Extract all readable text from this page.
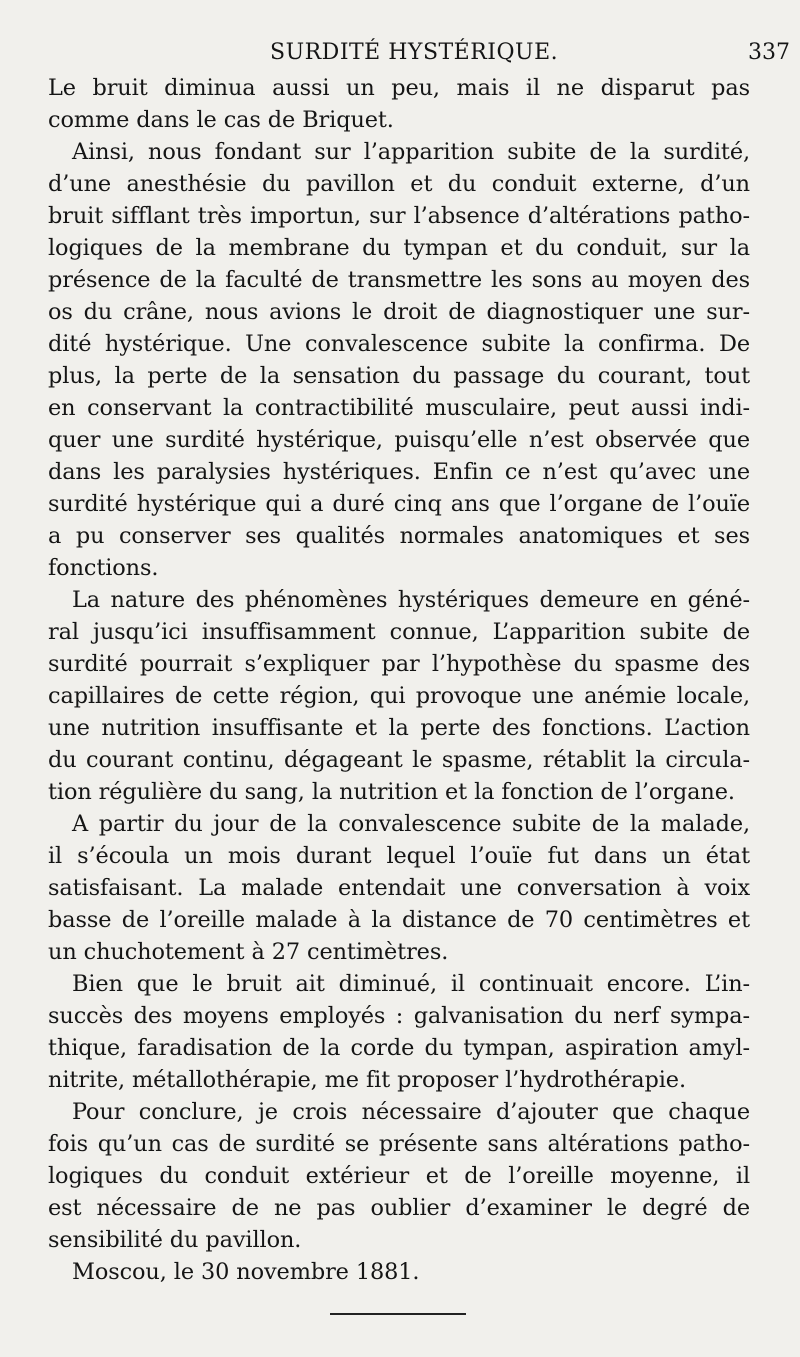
SURDITÉ HYSTÉRIQUE.	337
Le bruit diminua aussi un peu, mais il ne disparut pas
comme dans le cas de Briquet.
Ainsi, nous fondant sur l’apparition subite de la surdité,
d’une anesthésie du pavillon et du conduit externe, d’un
bruit sifflant très importun, sur l’absence d’altérations patho-
logiques de la membrane du tympan et du conduit, sur la
présence de la faculté de transmettre les sons au moyen des
os du crâne, nous avions le droit de diagnostiquer une sur-
dité hystérique. Une convalescence subite la confirma. De
plus, la perte de la sensation du passage du courant, tout
en conservant la contractibilité musculaire, peut aussi indi-
quer une surdité hystérique, puisqu’elle n’est observée que
dans les paralysies hystériques. Enfin ce n’est qu’avec une
surdité hystérique qui a duré cinq ans que l’organe de l’ouïe
a pu conserver ses qualités normales anatomiques et ses
fonctions.
La nature des phénomènes hystériques demeure en géné-
ral jusqu’ici insuffisamment connue, L’apparition subite de
surdité pourrait s’expliquer par l’hypothèse du spasme des
capillaires de cette région, qui provoque une anémie locale,
une nutrition insuffisante et la perte des fonctions. L’action
du courant continu, dégageant le spasme, rétablit la circula-
tion régulière du sang, la nutrition et la fonction de l’organe.
A partir du jour de la convalescence subite de la malade,
il s’écoula un mois durant lequel l’ouïe fut dans un état
satisfaisant. La malade entendait une conversation à voix
basse de l’oreille malade à la distance de 70 centimètres et
un chuchotement à 27 centimètres.
Bien que le bruit ait diminué, il continuait encore. L’in-
succès des moyens employés : galvanisation du nerf sympa-
thique, faradisation de la corde du tympan, aspiration amyl-
nitrite, métallothérapie, me fit proposer l’hydrothérapie.
Pour conclure, je crois nécessaire d’ajouter que chaque
fois qu’un cas de surdité se présente sans altérations patho-
logiques du conduit extérieur et de l’oreille moyenne, il
est nécessaire de ne pas oublier d’examiner le degré de
sensibilité du pavillon.
Moscou, le 30 novembre 1881.
